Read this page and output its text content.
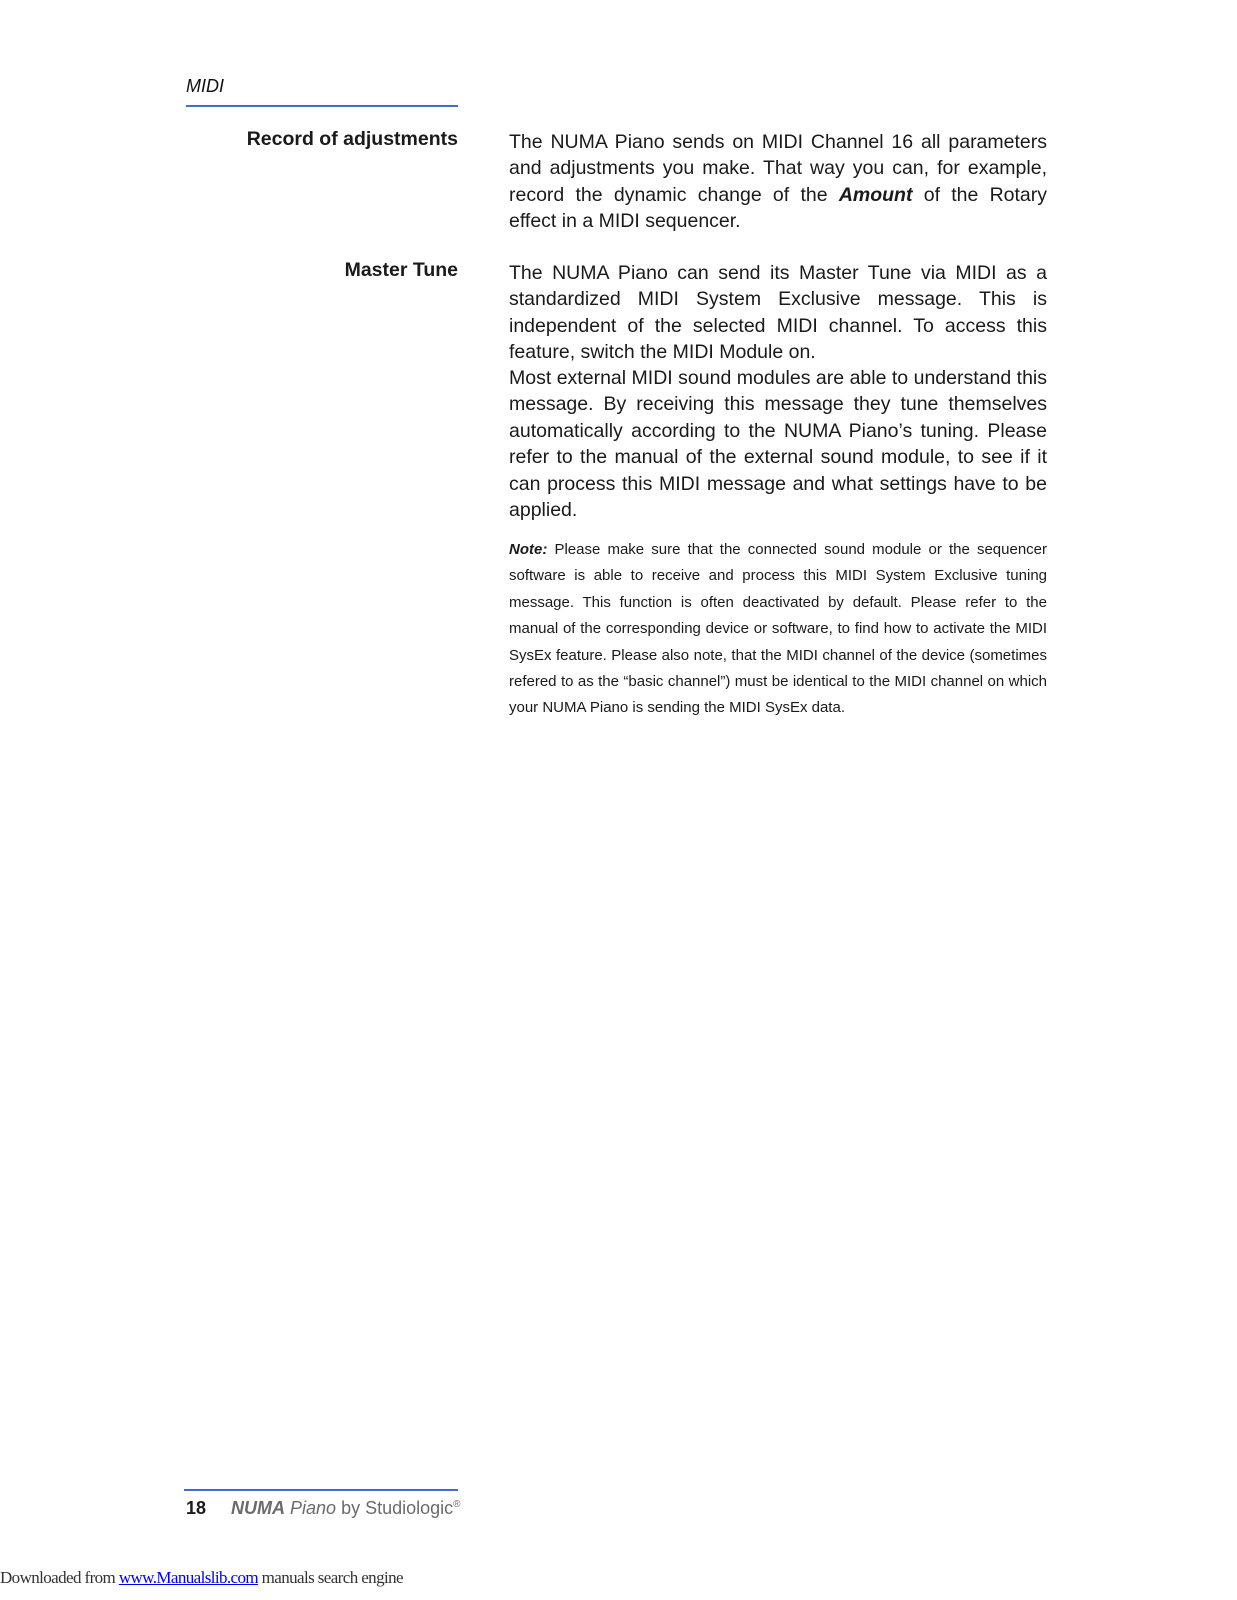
MIDI
Record of adjustments	The NUMA Piano sends on MIDI Channel 16 all parameters and adjustments you make. That way you can, for example, record the dynamic change of the Amount of the Rotary effect in a MIDI sequencer.

Master Tune	The NUMA Piano can send its Master Tune via MIDI as a standardized MIDI System Exclusive message. This is independent of the selected MIDI channel. To access this feature, switch the MIDI Module on.

Most external MIDI sound modules are able to understand this message. By receiving this message they tune themselves automatically according to the NUMA Piano’s tuning. Please refer to the manual of the external sound module, to see if it can process this MIDI message and what settings have to be applied.

Note: Please make sure that the connected sound module or the sequencer software is able to receive and process this MIDI System Exclusive tuning message. This function is often deactivated by default. Please refer to the manual of the corresponding device or software, to find how to activate the MIDI SysEx feature. Please also note, that the MIDI channel of the device (sometimes refered to as the “basic channel”) must be identical to the MIDI channel on which your NUMA Piano is sending the MIDI SysEx data.

18 NUMA Piano by Studiologic®
Downloaded from www.Manualslib.com manuals search engine
